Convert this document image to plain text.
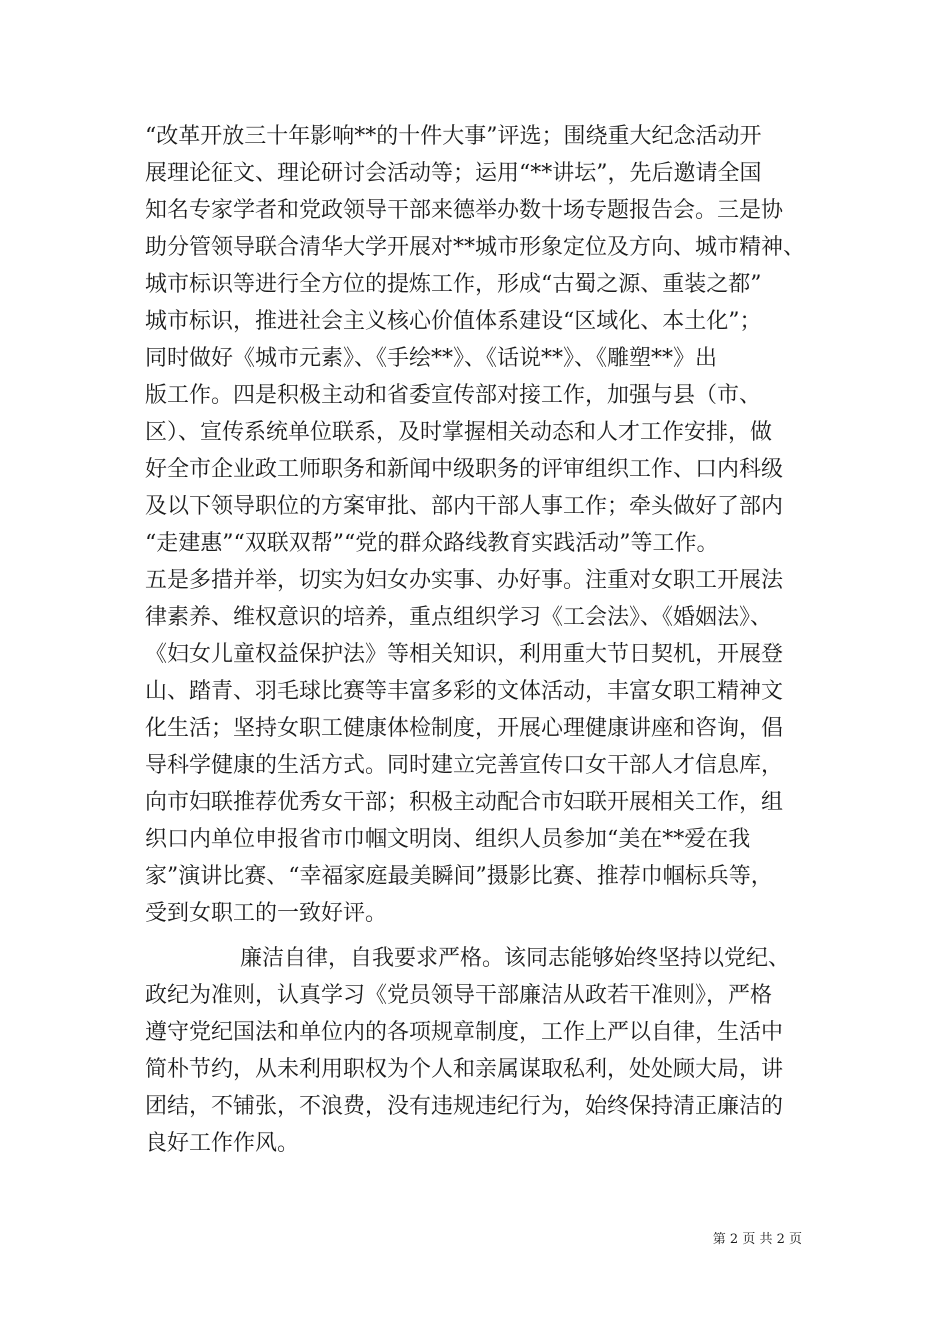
“改革开放三十年影响**的十件大事”评选；围绕重大纪念活动开
展理论征文、理论研讨会活动等；运用“**讲坛”，先后邀请全国
知名专家学者和党政领导干部来德举办数十场专题报告会。三是协
助分管领导联合清华大学开展对**城市形象定位及方向、城市精神、
城市标识等进行全方位的提炼工作，形成“古蜀之源、重装之都”
城市标识，推进社会主义核心价值体系建设“区域化、本土化”；
同时做好《城市元素》、《手绘**》、《话说**》、《雕塑**》出
版工作。四是积极主动和省委宣传部对接工作，加强与县（市、
区）、宣传系统单位联系，及时掌握相关动态和人才工作安排，做
好全市企业政工师职务和新闻中级职务的评审组织工作、口内科级
及以下领导职位的方案审批、部内干部人事工作；牵头做好了部内
“走建惠”“双联双帮”“党的群众路线教育实践活动”等工作。
五是多措并举，切实为妇女办实事、办好事。注重对女职工开展法
律素养、维权意识的培养，重点组织学习《工会法》、《婚姻法》、
《妇女儿童权益保护法》等相关知识，利用重大节日契机，开展登
山、踏青、羽毛球比赛等丰富多彩的文体活动，丰富女职工精神文
化生活；坚持女职工健康体检制度，开展心理健康讲座和咨询，倡
导科学健康的生活方式。同时建立完善宣传口女干部人才信息库，
向市妇联推荐优秀女干部；积极主动配合市妇联开展相关工作，组
织口内单位申报省市巾帼文明岗、组织人员参加“美在**爱在我
家”演讲比赛、“幸福家庭最美瞬间”摄影比赛、推荐巾帼标兵等，
受到女职工的一致好评。
廉洁自律，自我要求严格。该同志能够始终坚持以党纪、
政纪为准则，认真学习《党员领导干部廉洁从政若干准则》，严格
遵守党纪国法和单位内的各项规章制度，工作上严以自律，生活中
简朴节约，从未利用职权为个人和亲属谋取私利，处处顾大局，讲
团结，不铺张，不浪费，没有违规违纪行为，始终保持清正廉洁的
良好工作作风。
第 2 页 共 2 页
